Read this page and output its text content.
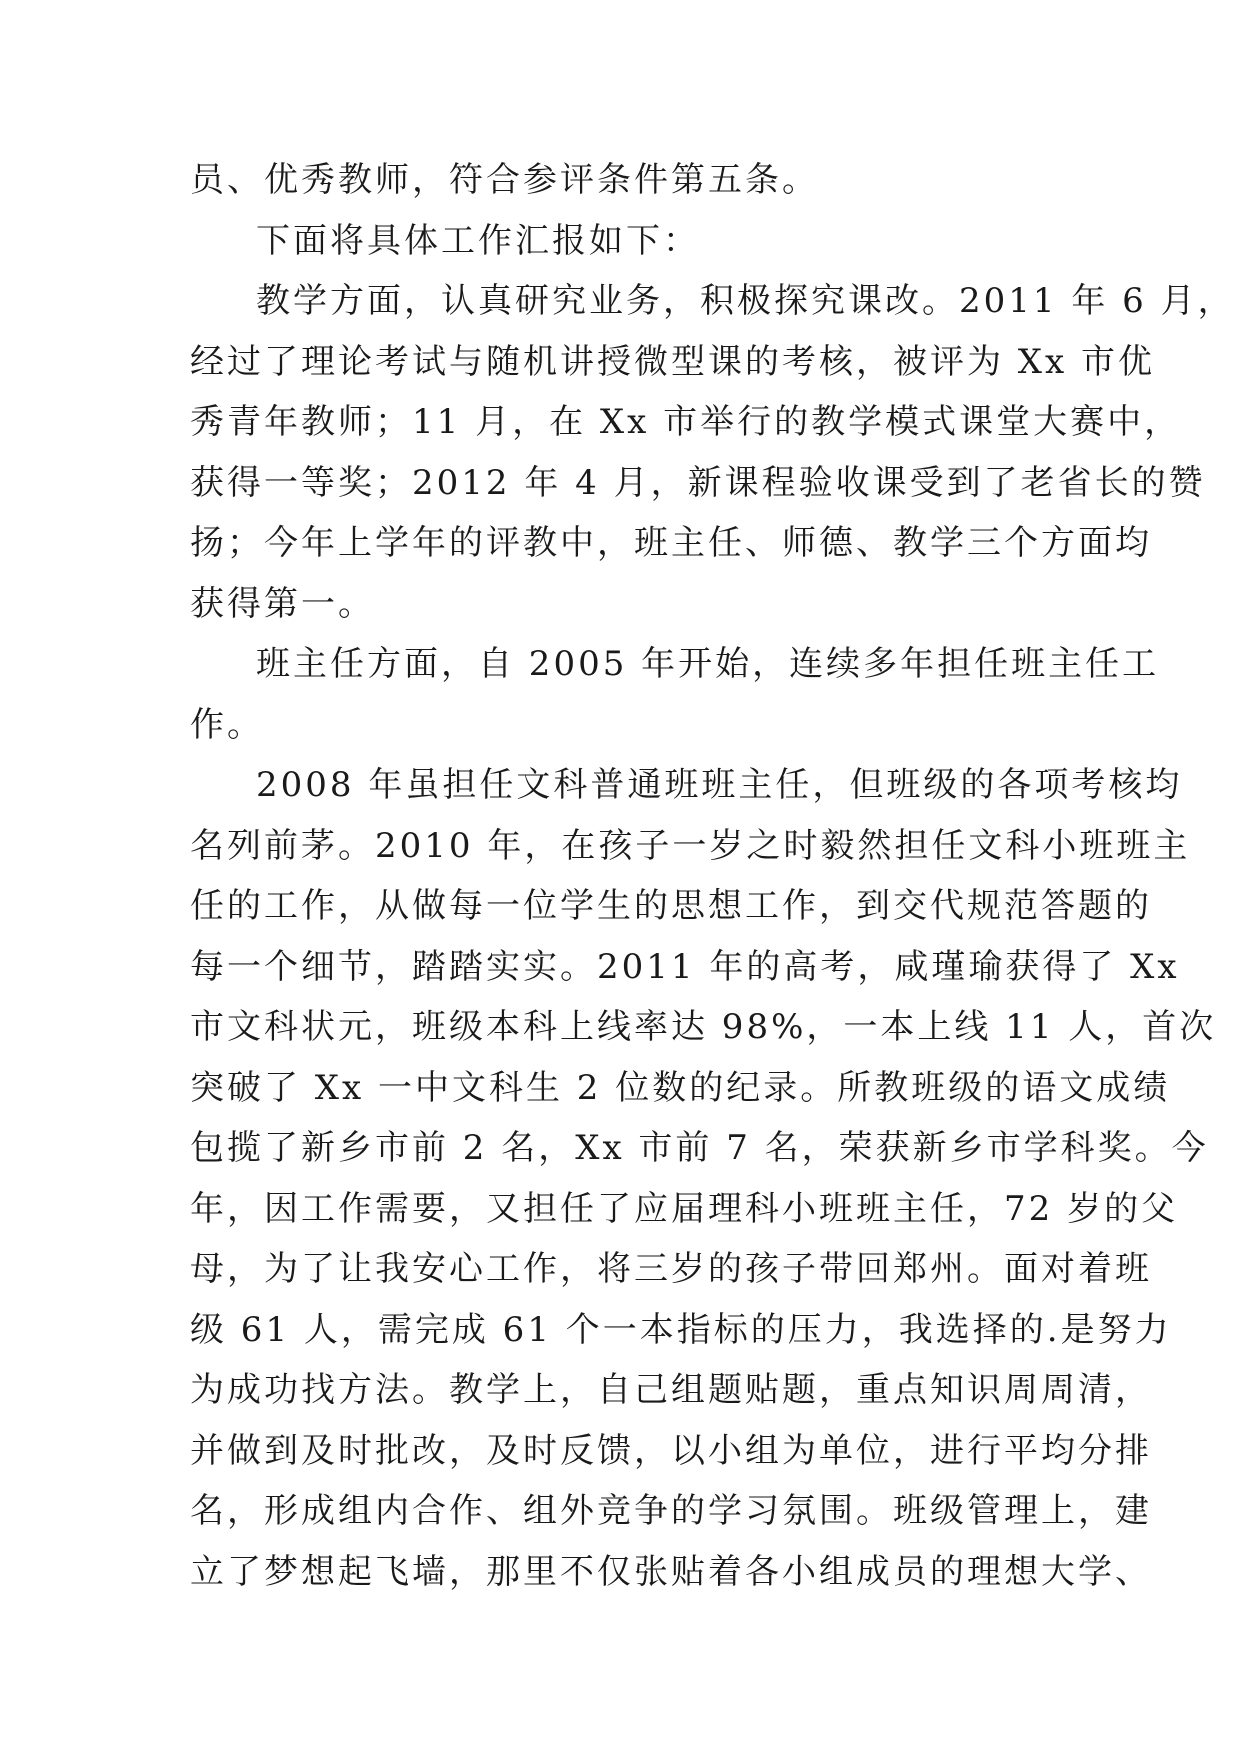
员、优秀教师，符合参评条件第五条。
下面将具体工作汇报如下：
教学方面，认真研究业务，积极探究课改。2011 年 6 月，
经过了理论考试与随机讲授微型课的考核，被评为 Xx 市优
秀青年教师；11 月，在 Xx 市举行的教学模式课堂大赛中，
获得一等奖；2012 年 4 月，新课程验收课受到了老省长的赞
扬；今年上学年的评教中，班主任、师德、教学三个方面均
获得第一。
班主任方面，自 2005 年开始，连续多年担任班主任工
作。
2008 年虽担任文科普通班班主任，但班级的各项考核均
名列前茅。2010 年，在孩子一岁之时毅然担任文科小班班主
任的工作，从做每一位学生的思想工作，到交代规范答题的
每一个细节，踏踏实实。2011 年的高考，咸瑾瑜获得了 Xx
市文科状元，班级本科上线率达 98%，一本上线 11 人，首次
突破了 Xx 一中文科生 2 位数的纪录。所教班级的语文成绩
包揽了新乡市前 2 名，Xx 市前 7 名，荣获新乡市学科奖。今
年，因工作需要，又担任了应届理科小班班主任，72 岁的父
母，为了让我安心工作，将三岁的孩子带回郑州。面对着班
级 61 人，需完成 61 个一本指标的压力，我选择的.是努力
为成功找方法。教学上，自己组题贴题，重点知识周周清，
并做到及时批改，及时反馈，以小组为单位，进行平均分排
名，形成组内合作、组外竞争的学习氛围。班级管理上，建
立了梦想起飞墙，那里不仅张贴着各小组成员的理想大学、
